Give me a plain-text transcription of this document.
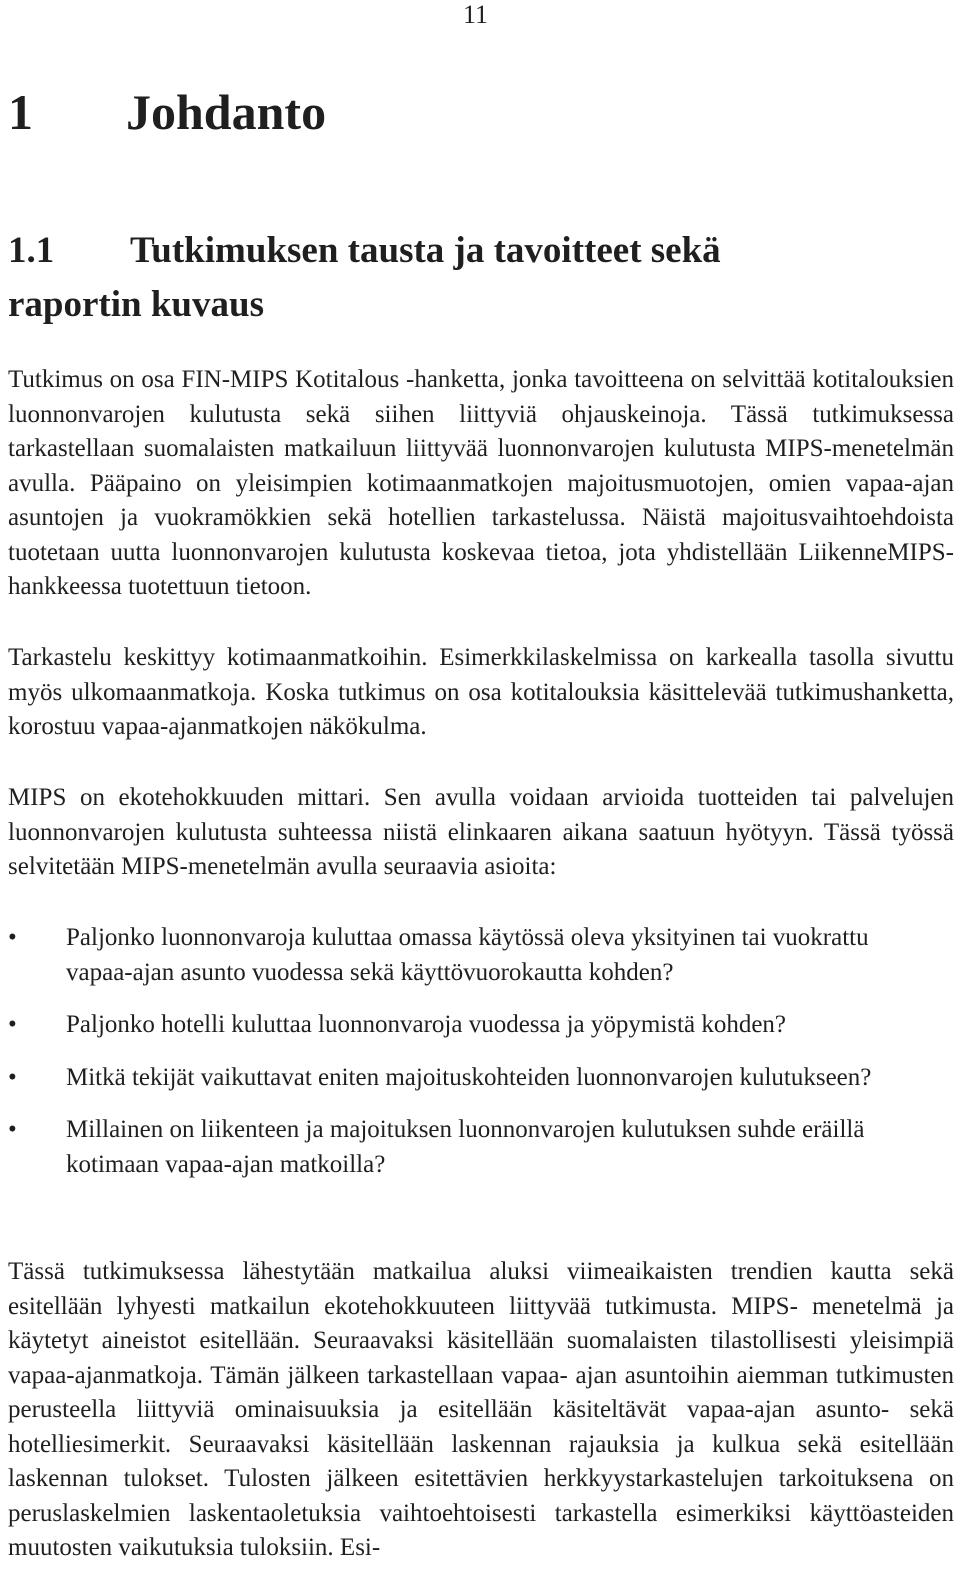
11
1 Johdanto
1.1 Tutkimuksen tausta ja tavoitteet sekä
raportin kuvaus

Tutkimus on osa FIN-MIPS Kotitalous -hanketta, jonka tavoitteena on selvittää kotitalouksien luonnonvarojen kulutusta sekä siihen liittyviä ohjauskeinoja. Tässä tutkimuksessa tarkastellaan suomalaisten matkailuun liittyvää luonnonvarojen kulutusta MIPS-menetelmän avulla. Pääpaino on yleisimpien kotimaanmatkojen majoitusmuotojen, omien vapaa-ajan asuntojen ja vuokramökkien sekä hotellien tarkastelussa. Näistä majoitusvaihtoehdoista tuotetaan uutta luonnonvarojen kulutusta koskevaa tietoa, jota yhdistellään LiikenneMIPS-hankkeessa tuotettuun tietoon.

Tarkastelu keskittyy kotimaanmatkoihin. Esimerkkilaskelmissa on karkealla tasolla sivuttu myös ulkomaanmatkoja. Koska tutkimus on osa kotitalouksia käsittelevää tutkimushanketta, korostuu vapaa-ajanmatkojen näkökulma.

MIPS on ekotehokkuuden mittari. Sen avulla voidaan arvioida tuotteiden tai palvelujen luonnonvarojen kulutusta suhteessa niistä elinkaaren aikana saatuun hyötyyn. Tässä työssä selvitetään MIPS-menetelmän avulla seuraavia asioita:

• Paljonko luonnonvaroja kuluttaa omassa käytössä oleva yksityinen tai vuokrattu vapaa-ajan asunto vuodessa sekä käyttövuorokautta kohden?
• Paljonko hotelli kuluttaa luonnonvaroja vuodessa ja yöpymistä kohden?
• Mitkä tekijät vaikuttavat eniten majoituskohteiden luonnonvarojen kulutukseen?
• Millainen on liikenteen ja majoituksen luonnonvarojen kulutuksen suhde eräillä kotimaan vapaa-ajan matkoilla?

Tässä tutkimuksessa lähestytään matkailua aluksi viimeaikaisten trendien kautta sekä esitellään lyhyesti matkailun ekotehokkuuteen liittyvää tutkimusta. MIPS- menetelmä ja käytetyt aineistot esitellään. Seuraavaksi käsitellään suomalaisten tilastollisesti yleisimpiä vapaa-ajanmatkoja. Tämän jälkeen tarkastellaan vapaa- ajan asuntoihin aiemman tutkimusten perusteella liittyviä ominaisuuksia ja esitellään käsiteltävät vapaa-ajan asunto- sekä hotelliesimerkit. Seuraavaksi käsitellään laskennan rajauksia ja kulkua sekä esitellään laskennan tulokset. Tulosten jälkeen esitettävien herkkyystarkastelujen tarkoituksena on peruslaskelmien laskentaoletuksia vaihtoehtoisesti tarkastella esimerkiksi käyttöasteiden muutosten vaikutuksia tuloksiin. Esi-
